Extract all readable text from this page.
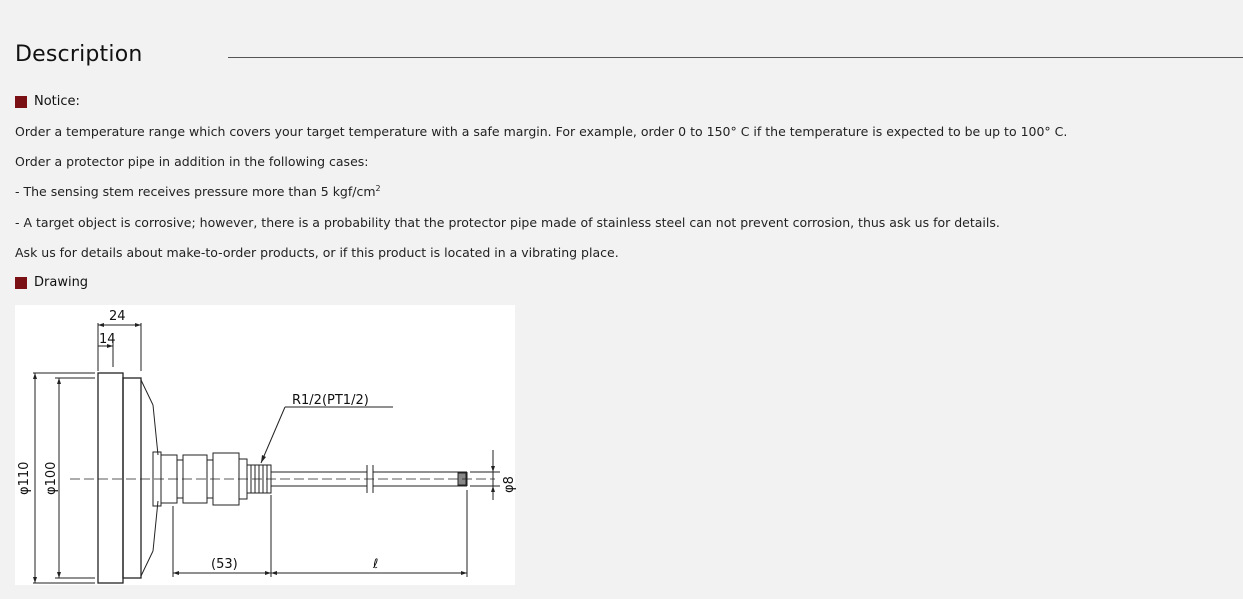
Description
Notice:
Order a temperature range which covers your target temperature with a safe margin. For example, order 0 to 150° C if the temperature is expected to be up to 100° C.
Order a protector pipe in addition in the following cases:
- The sensing stem receives pressure more than 5 kgf/$cm^2$
- A target object is corrosive; however, there is a probability that the protector pipe made of stainless steel can not prevent corrosion, thus ask us for details.
Ask us for details about make-to-order products, or if this product is located in a vibrating place.
Drawing
24
14
R1/2(PT1/2)
(53)	ℓ
φ110 φ100	φ8
